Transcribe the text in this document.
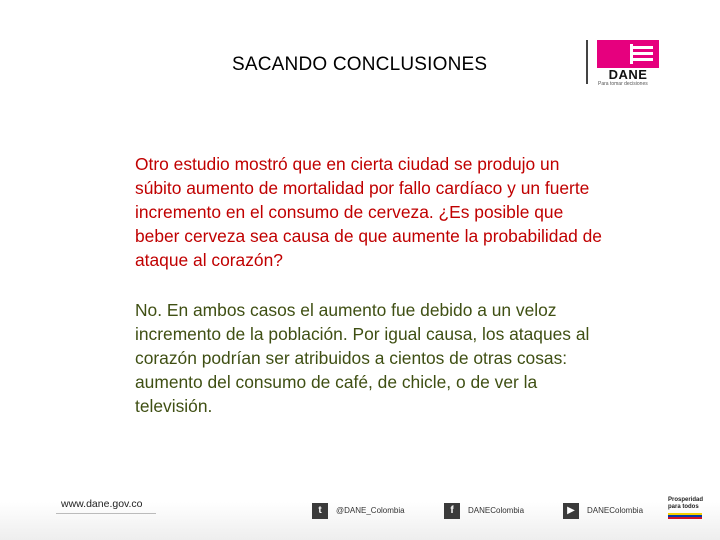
SACANDO CONCLUSIONES	DANE
Para tomar decisiones
Otro estudio mostró que en cierta ciudad se produjo un súbito aumento de mortalidad por fallo cardíaco y un fuerte incremento en el consumo de cerveza. ¿Es posible que beber cerveza sea causa de que aumente la probabilidad de ataque al corazón?
No. En ambos casos el aumento fue debido a un veloz incremento de la población. Por igual causa, los ataques al corazón podrían ser atribuidos a cientos de otras cosas: aumento del consumo de café, de chicle, o de ver la televisión.
www.dane.gov.co
t	@DANE_Colombia	f	DANEColombia	▶	DANEColombia
Prosperidad para todos
